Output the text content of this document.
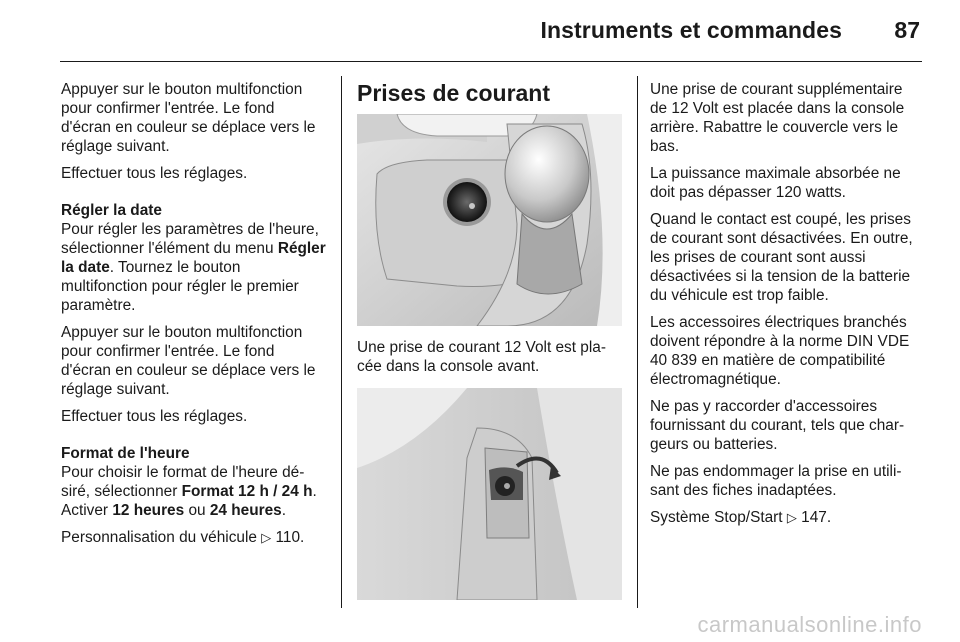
Instruments et commandes 87

Appuyer sur le bouton multifonction pour confirmer l'entrée. Le fond d'écran en couleur se déplace vers le réglage suivant.

Effectuer tous les réglages.

Régler la date
Pour régler les paramètres de l'heure, sélectionner l'élément du menu Régler la date. Tournez le bouton multifonction pour régler le premier paramètre.

Appuyer sur le bouton multifonction pour confirmer l'entrée. Le fond d'écran en couleur se déplace vers le réglage suivant.

Effectuer tous les réglages.

Format de l'heure
Pour choisir le format de l'heure désiré, sélectionner Format 12 h / 24 h. Activer 12 heures ou 24 heures.

Personnalisation du véhicule ▷ 110.

Prises de courant

Une prise de courant 12 Volt est placée dans la console avant.

Une prise de courant supplémentaire de 12 Volt est placée dans la console arrière. Rabattre le couvercle vers le bas.

La puissance maximale absorbée ne doit pas dépasser 120 watts.

Quand le contact est coupé, les prises de courant sont désactivées. En outre, les prises de courant sont aussi désactivées si la tension de la batterie du véhicule est trop faible.

Les accessoires électriques branchés doivent répondre à la norme DIN VDE 40 839 en matière de compatibilité électromagnétique.

Ne pas y raccorder d'accessoires fournissant du courant, tels que chargeurs ou batteries.

Ne pas endommager la prise en utilisant des fiches inadaptées.

Système Stop/Start ▷ 147.

carmanualsonline.info
